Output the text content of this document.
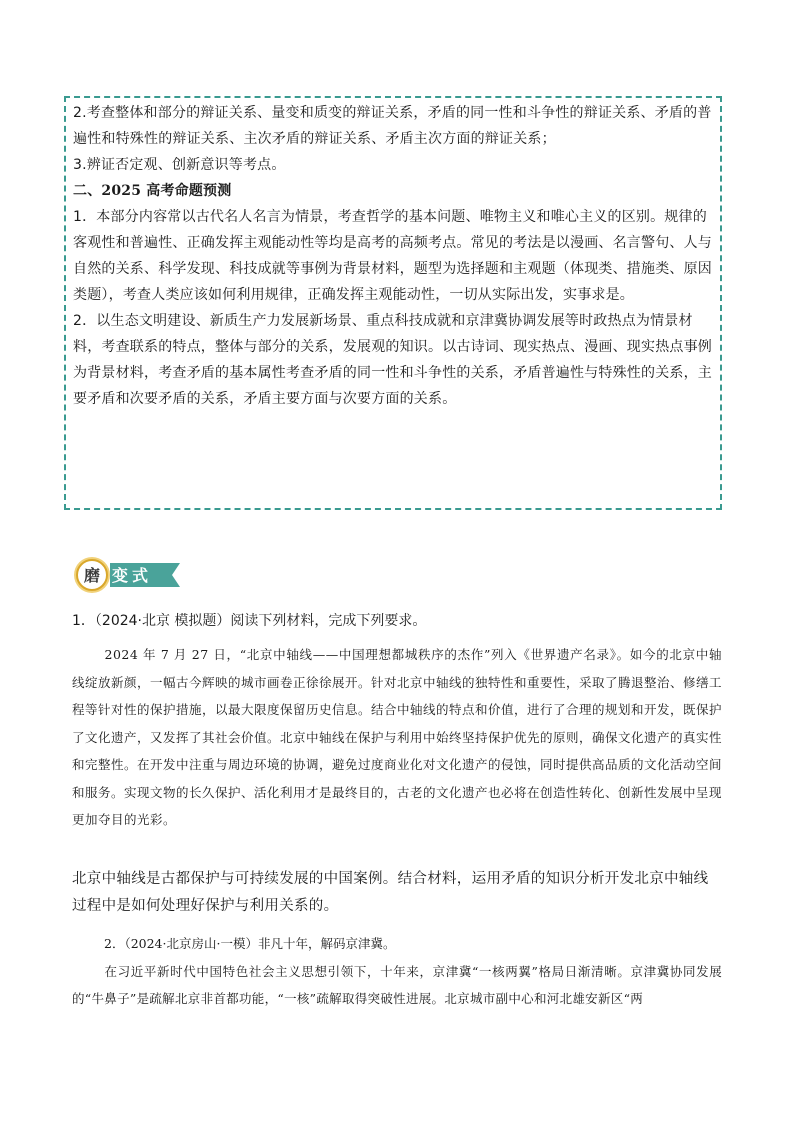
2.考查整体和部分的辩证关系、量变和质变的辩证关系，矛盾的同一性和斗争性的辩证关系、矛盾的普遍性和特殊性的辩证关系、主次矛盾的辩证关系、矛盾主次方面的辩证关系；

3.辨证否定观、创新意识等考点。

二、2025 高考命题预测

1．本部分内容常以古代名人名言为情景，考查哲学的基本问题、唯物主义和唯心主义的区别。规律的客观性和普遍性、正确发挥主观能动性等均是高考的高频考点。常见的考法是以漫画、名言警句、人与自然的关系、科学发现、科技成就等事例为背景材料，题型为选择题和主观题（体现类、措施类、原因类题），考查人类应该如何利用规律，正确发挥主观能动性，一切从实际出发，实事求是。

2．以生态文明建设、新质生产力发展新场景、重点科技成就和京津冀协调发展等时政热点为情景材料，考查联系的特点，整体与部分的关系，发展观的知识。以古诗词、现实热点、漫画、现实热点事例为背景材料，考查矛盾的基本属性考查矛盾的同一性和斗争性的关系，矛盾普遍性与特殊性的关系，主要矛盾和次要矛盾的关系，矛盾主要方面与次要方面的关系。

磨 变式
1．（2024·北京 模拟题）阅读下列材料，完成下列要求。
2024 年 7 月 27 日，“北京中轴线——中国理想都城秩序的杰作”列入《世界遗产名录》。如今的北京中轴线绽放新颜，一幅古今辉映的城市画卷正徐徐展开。针对北京中轴线的独特性和重要性，采取了腾退整治、修缮工程等针对性的保护措施，以最大限度保留历史信息。结合中轴线的特点和价值，进行了合理的规划和开发，既保护了文化遗产，又发挥了其社会价值。北京中轴线在保护与利用中始终坚持保护优先的原则，确保文化遗产的真实性和完整性。在开发中注重与周边环境的协调，避免过度商业化对文化遗产的侵蚀，同时提供高品质的文化活动空间和服务。实现文物的长久保护、活化利用才是最终目的，古老的文化遗产也必将在创造性转化、创新性发展中呈现更加夺目的光彩。
北京中轴线是古都保护与可持续发展的中国案例。结合材料，运用矛盾的知识分析开发北京中轴线过程中是如何处理好保护与利用关系的。
2．（2024·北京房山·一模）非凡十年，解码京津冀。
在习近平新时代中国特色社会主义思想引领下，十年来，京津冀“一核两翼”格局日渐清晰。京津冀协同发展的“牛鼻子”是疏解北京非首都功能，“一核”疏解取得突破性进展。北京城市副中心和河北雄安新区“两
